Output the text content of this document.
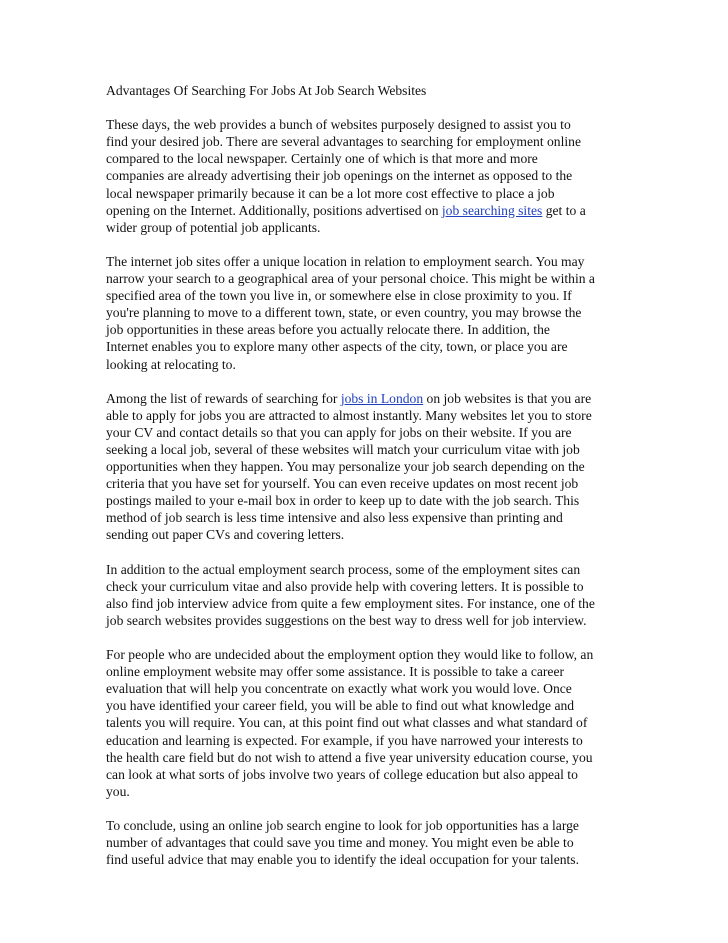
Advantages Of Searching For Jobs At Job Search Websites

These days, the web provides a bunch of websites purposely designed to assist you to
find your desired job. There are several advantages to searching for employment online
compared to the local newspaper. Certainly one of which is that more and more
companies are already advertising their job openings on the internet as opposed to the
local newspaper primarily because it can be a lot more cost effective to place a job
opening on the Internet. Additionally, positions advertised on job searching sites get to a
wider group of potential job applicants.

The internet job sites offer a unique location in relation to employment search. You may
narrow your search to a geographical area of your personal choice. This might be within a
specified area of the town you live in, or somewhere else in close proximity to you. If
you're planning to move to a different town, state, or even country, you may browse the
job opportunities in these areas before you actually relocate there. In addition, the
Internet enables you to explore many other aspects of the city, town, or place you are
looking at relocating to.

Among the list of rewards of searching for jobs in London on job websites is that you are
able to apply for jobs you are attracted to almost instantly. Many websites let you to store
your CV and contact details so that you can apply for jobs on their website. If you are
seeking a local job, several of these websites will match your curriculum vitae with job
opportunities when they happen. You may personalize your job search depending on the
criteria that you have set for yourself. You can even receive updates on most recent job
postings mailed to your e-mail box in order to keep up to date with the job search. This
method of job search is less time intensive and also less expensive than printing and
sending out paper CVs and covering letters.

In addition to the actual employment search process, some of the employment sites can
check your curriculum vitae and also provide help with covering letters. It is possible to
also find job interview advice from quite a few employment sites. For instance, one of the
job search websites provides suggestions on the best way to dress well for job interview.

For people who are undecided about the employment option they would like to follow, an
online employment website may offer some assistance. It is possible to take a career
evaluation that will help you concentrate on exactly what work you would love. Once
you have identified your career field, you will be able to find out what knowledge and
talents you will require. You can, at this point find out what classes and what standard of
education and learning is expected. For example, if you have narrowed your interests to
the health care field but do not wish to attend a five year university education course, you
can look at what sorts of jobs involve two years of college education but also appeal to
you.

To conclude, using an online job search engine to look for job opportunities has a large
number of advantages that could save you time and money. You might even be able to
find useful advice that may enable you to identify the ideal occupation for your talents.
